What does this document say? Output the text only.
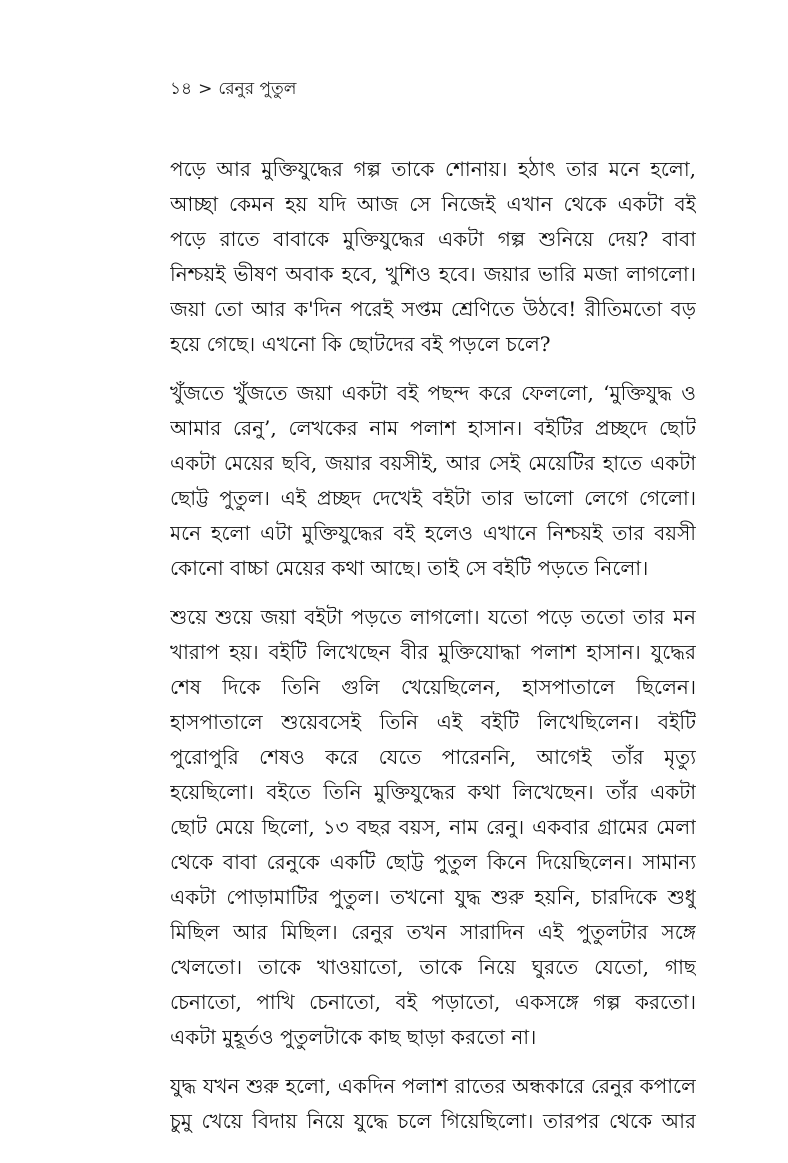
১৪ > রেনুর পুতুল
পড়ে আর মুক্তিযুদ্ধের গল্প তাকে শোনায়। হঠাৎ তার মনে হলো,
আচ্ছা কেমন হয় যদি আজ সে নিজেই এখান থেকে একটা বই
পড়ে রাতে বাবাকে মুক্তিযুদ্ধের একটা গল্প শুনিয়ে দেয়? বাবা
নিশ্চয়ই ভীষণ অবাক হবে, খুশিও হবে। জয়ার ভারি মজা লাগলো।
জয়া তো আর ক'দিন পরেই সপ্তম শ্রেণিতে উঠবে! রীতিমতো বড়
হয়ে গেছে। এখনো কি ছোটদের বই পড়লে চলে?
খুঁজতে খুঁজতে জয়া একটা বই পছন্দ করে ফেললো, ‘মুক্তিযুদ্ধ ও
আমার রেনু’, লেখকের নাম পলাশ হাসান। বইটির প্রচ্ছদে ছোট
একটা মেয়ের ছবি, জয়ার বয়সীই, আর সেই মেয়েটির হাতে একটা
ছোট্ট পুতুল। এই প্রচ্ছদ দেখেই বইটা তার ভালো লেগে গেলো।
মনে হলো এটা মুক্তিযুদ্ধের বই হলেও এখানে নিশ্চয়ই তার বয়সী
কোনো বাচ্চা মেয়ের কথা আছে। তাই সে বইটি পড়তে নিলো।
শুয়ে শুয়ে জয়া বইটা পড়তে লাগলো। যতো পড়ে ততো তার মন
খারাপ হয়। বইটি লিখেছেন বীর মুক্তিযোদ্ধা পলাশ হাসান। যুদ্ধের
শেষ দিকে তিনি গুলি খেয়েছিলেন, হাসপাতালে ছিলেন।
হাসপাতালে শুয়েবসেই তিনি এই বইটি লিখেছিলেন। বইটি
পুরোপুরি শেষও করে যেতে পারেননি, আগেই তাঁর মৃত্যু
হয়েছিলো। বইতে তিনি মুক্তিযুদ্ধের কথা লিখেছেন। তাঁর একটা
ছোট মেয়ে ছিলো, ১৩ বছর বয়স, নাম রেনু। একবার গ্রামের মেলা
থেকে বাবা রেনুকে একটি ছোট্ট পুতুল কিনে দিয়েছিলেন। সামান্য
একটা পোড়ামাটির পুতুল। তখনো যুদ্ধ শুরু হয়নি, চারদিকে শুধু
মিছিল আর মিছিল। রেনুর তখন সারাদিন এই পুতুলটার সঙ্গে
খেলতো। তাকে খাওয়াতো, তাকে নিয়ে ঘুরতে যেতো, গাছ
চেনাতো, পাখি চেনাতো, বই পড়াতো, একসঙ্গে গল্প করতো।
একটা মুহূর্তও পুতুলটাকে কাছ ছাড়া করতো না।
যুদ্ধ যখন শুরু হলো, একদিন পলাশ রাতের অন্ধকারে রেনুর কপালে
চুমু খেয়ে বিদায় নিয়ে যুদ্ধে চলে গিয়েছিলো। তারপর থেকে আর
